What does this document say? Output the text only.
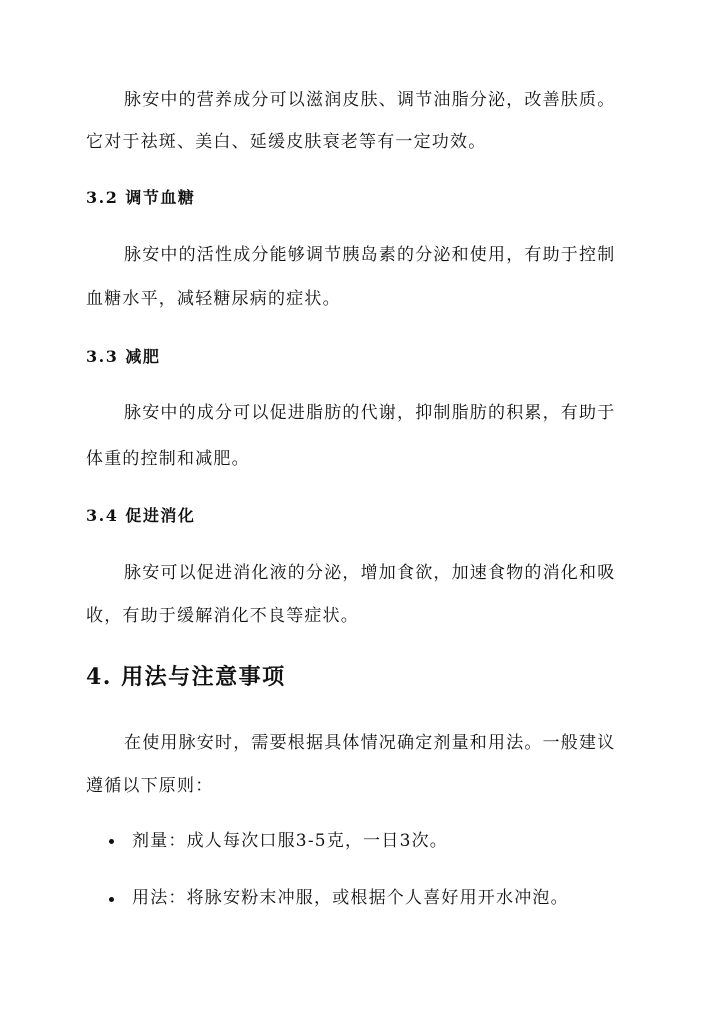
脉安中的营养成分可以滋润皮肤、调节油脂分泌，改善肤质。
它对于祛斑、美白、延缓皮肤衰老等有一定功效。
3.2 调节血糖
脉安中的活性成分能够调节胰岛素的分泌和使用，有助于控制
血糖水平，减轻糖尿病的症状。
3.3 减肥
脉安中的成分可以促进脂肪的代谢，抑制脂肪的积累，有助于
体重的控制和减肥。
3.4 促进消化
脉安可以促进消化液的分泌，增加食欲，加速食物的消化和吸
收，有助于缓解消化不良等症状。
4. 用法与注意事项
在使用脉安时，需要根据具体情况确定剂量和用法。一般建议
遵循以下原则：
剂量：成人每次口服3-5克，一日3次。
用法：将脉安粉末冲服，或根据个人喜好用开水冲泡。
